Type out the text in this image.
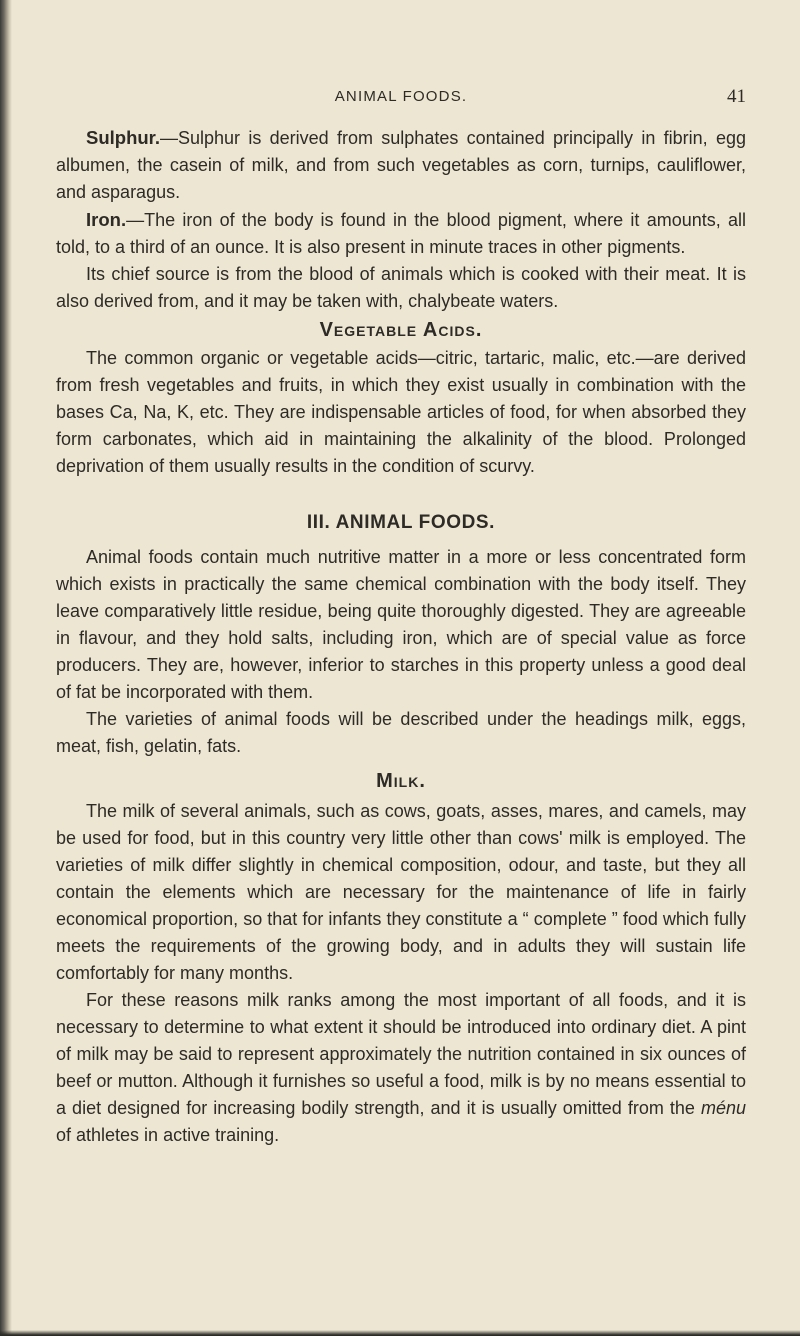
ANIMAL FOODS.	41

Sulphur.—Sulphur is derived from sulphates contained principally in fibrin, egg albumen, the casein of milk, and from such vegetables as corn, turnips, cauliflower, and asparagus.

Iron.—The iron of the body is found in the blood pigment, where it amounts, all told, to a third of an ounce. It is also present in minute traces in other pigments.

Its chief source is from the blood of animals which is cooked with their meat. It is also derived from, and it may be taken with, chalybeate waters.

Vegetable Acids.

The common organic or vegetable acids—citric, tartaric, malic, etc.—are derived from fresh vegetables and fruits, in which they exist usually in combination with the bases Ca, Na, K, etc. They are indispensable articles of food, for when absorbed they form carbonates, which aid in maintaining the alkalinity of the blood. Prolonged deprivation of them usually results in the condition of scurvy.

III. ANIMAL FOODS.

Animal foods contain much nutritive matter in a more or less concentrated form which exists in practically the same chemical combination with the body itself. They leave comparatively little residue, being quite thoroughly digested. They are agreeable in flavour, and they hold salts, including iron, which are of special value as force producers. They are, however, inferior to starches in this property unless a good deal of fat be incorporated with them.

The varieties of animal foods will be described under the headings milk, eggs, meat, fish, gelatin, fats.

Milk.

The milk of several animals, such as cows, goats, asses, mares, and camels, may be used for food, but in this country very little other than cows' milk is employed. The varieties of milk differ slightly in chemical composition, odour, and taste, but they all contain the elements which are necessary for the maintenance of life in fairly economical proportion, so that for infants they constitute a “ complete ” food which fully meets the requirements of the growing body, and in adults they will sustain life comfortably for many months.

For these reasons milk ranks among the most important of all foods, and it is necessary to determine to what extent it should be introduced into ordinary diet. A pint of milk may be said to represent approximately the nutrition contained in six ounces of beef or mutton. Although it furnishes so useful a food, milk is by no means essential to a diet designed for increasing bodily strength, and it is usually omitted from the ménu of athletes in active training.
